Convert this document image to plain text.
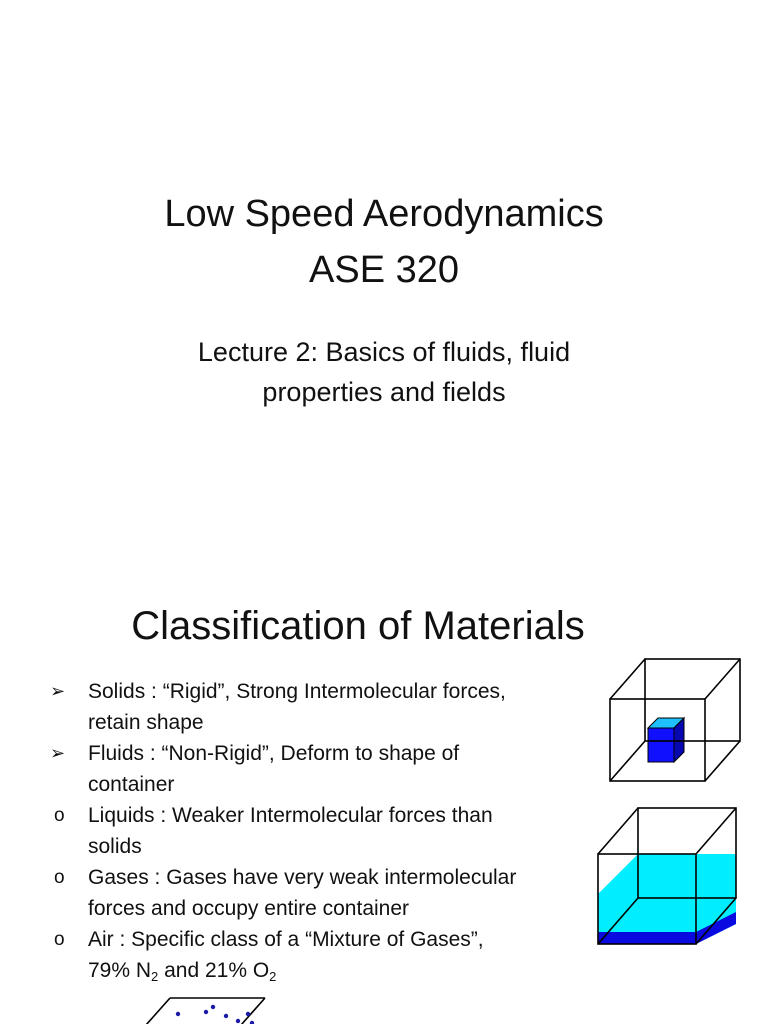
Low Speed Aerodynamics
ASE 320
Lecture 2: Basics of fluids, fluid
properties and fields
Classification of Materials
➢ Solids : “Rigid”, Strong Intermolecular forces,
retain shape
➢ Fluids : “Non-Rigid”, Deform to shape of
container
o Liquids : Weaker Intermolecular forces than
solids
o Gases : Gases have very weak intermolecular
forces and occupy entire container
o Air : Specific class of a “Mixture of Gases”,
79% $N_2$ and 21% $O_2$
